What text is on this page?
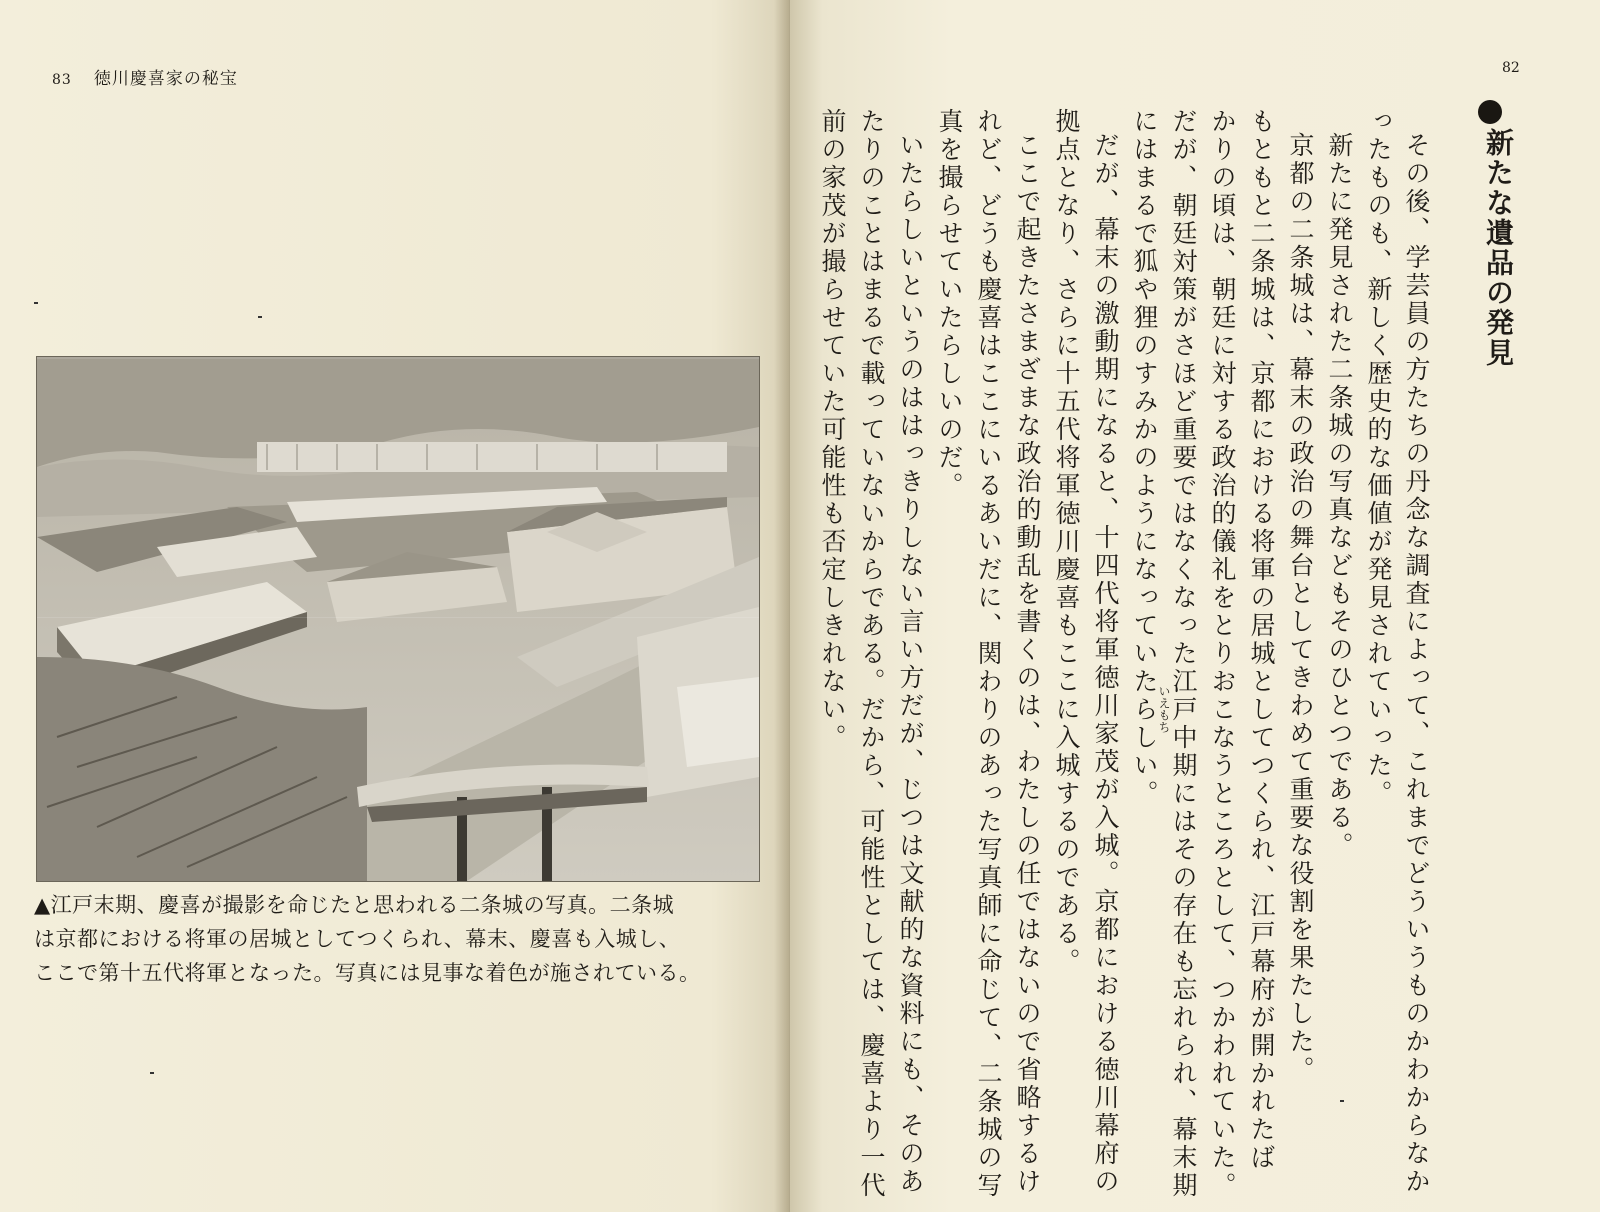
83 徳川慶喜家の秘宝

▲江戸末期、慶喜が撮影を命じたと思われる二条城の写真。二条城

は京都における将軍の居城としてつくられ、幕末、慶喜も入城し、

ここで第十五代将軍となった。写真には見事な着色が施されている。

82
新たな遺品の発見
その後、学芸員の方たちの丹念な調査によって、これまでどういうものかわからなか
ったものも、新しく歴史的な価値が発見されていった。
新たに発見された二条城の写真などもそのひとつである。
京都の二条城は、幕末の政治の舞台としてきわめて重要な役割を果たした。
もともと二条城は、京都における将軍の居城としてつくられ、江戸幕府が開かれたば
かりの頃は、朝廷に対する政治的儀礼をとりおこなうところとして、つかわれていた。
だが、朝廷対策がさほど重要ではなくなった江戸中期にはその存在も忘れられ、幕末期
にはまるで狐や狸のすみかのようになっていたらしい。
いえもち
だが、幕末の激動期になると、十四代将軍徳川家茂が入城。京都における徳川幕府の
拠点となり、さらに十五代将軍徳川慶喜もここに入城するのである。
ここで起きたさまざまな政治的動乱を書くのは、わたしの任ではないので省略するけ
れど、どうも慶喜はここにいるあいだに、関わりのあった写真師に命じて、二条城の写
真を撮らせていたらしいのだ。
いたらしいというのははっきりしない言い方だが、じつは文献的な資料にも、そのあ
たりのことはまるで載っていないからである。だから、可能性としては、慶喜より一代
前の家茂が撮らせていた可能性も否定しきれない。
